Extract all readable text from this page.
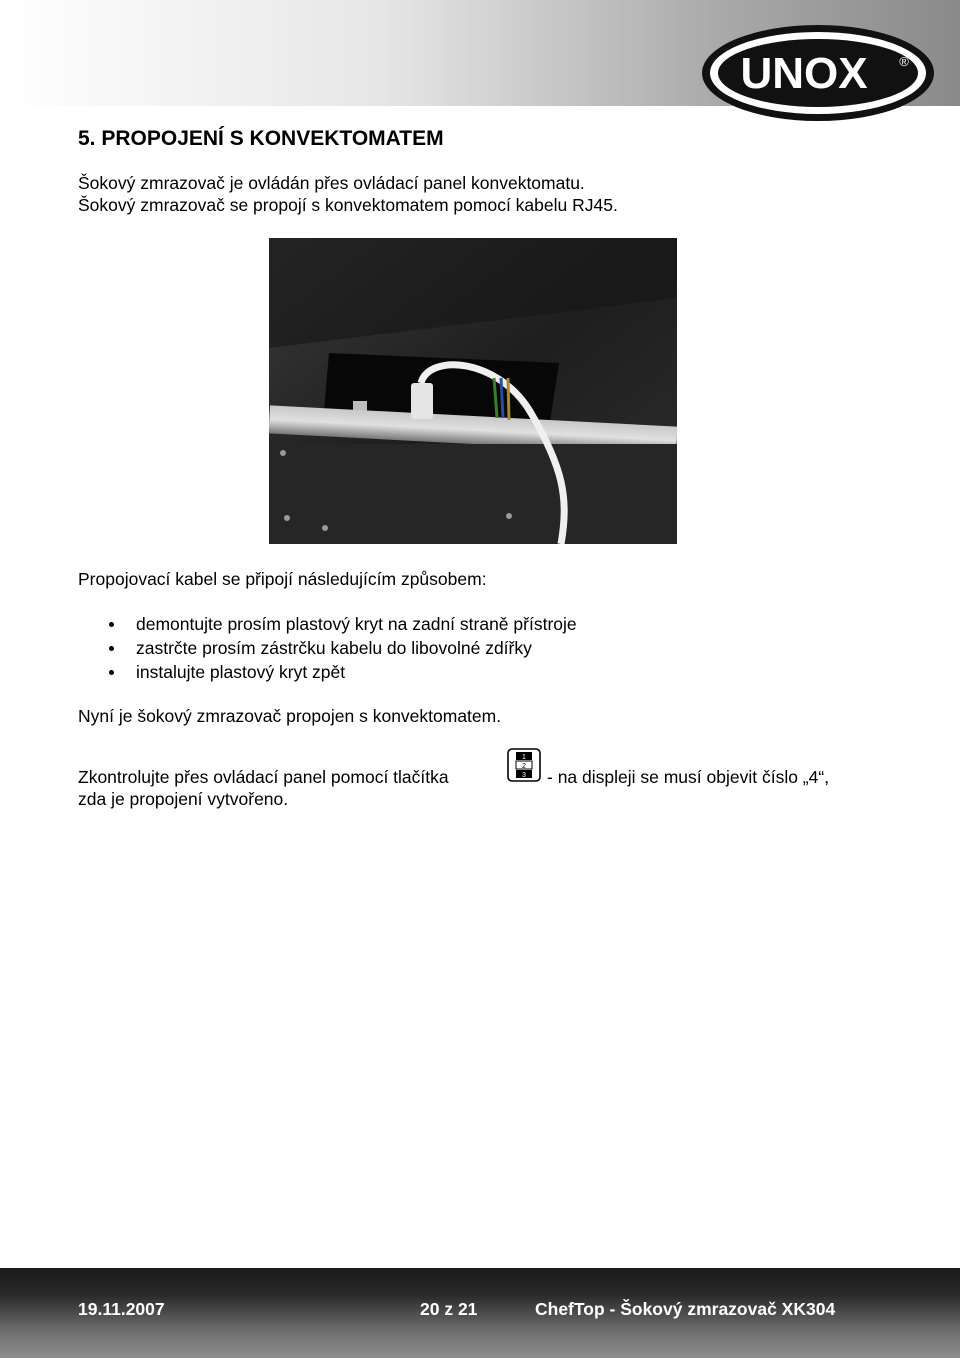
UNOX ®
5. PROPOJENÍ S KONVEKTOMATEM

Šokový zmrazovač je ovládán přes ovládací panel konvektomatu.

Šokový zmrazovač se propojí s konvektomatem pomocí kabelu RJ45.

Propojovací kabel se připojí následujícím způsobem:

demontujte prosím plastový kryt na zadní straně přístroje
zastrčte prosím zástrčku kabelu do libovolné zdířky
instalujte plastový kryt zpět

Nyní je šokový zmrazovač propojen s konvektomatem.

Zkontrolujte přes ovládací panel pomocí tlačítka

1
2
3 - na displeji se musí objevit číslo „4“,

zda je propojení vytvořeno.

19.11.2007	20 z 21	ChefTop - Šokový zmrazovač XK304
